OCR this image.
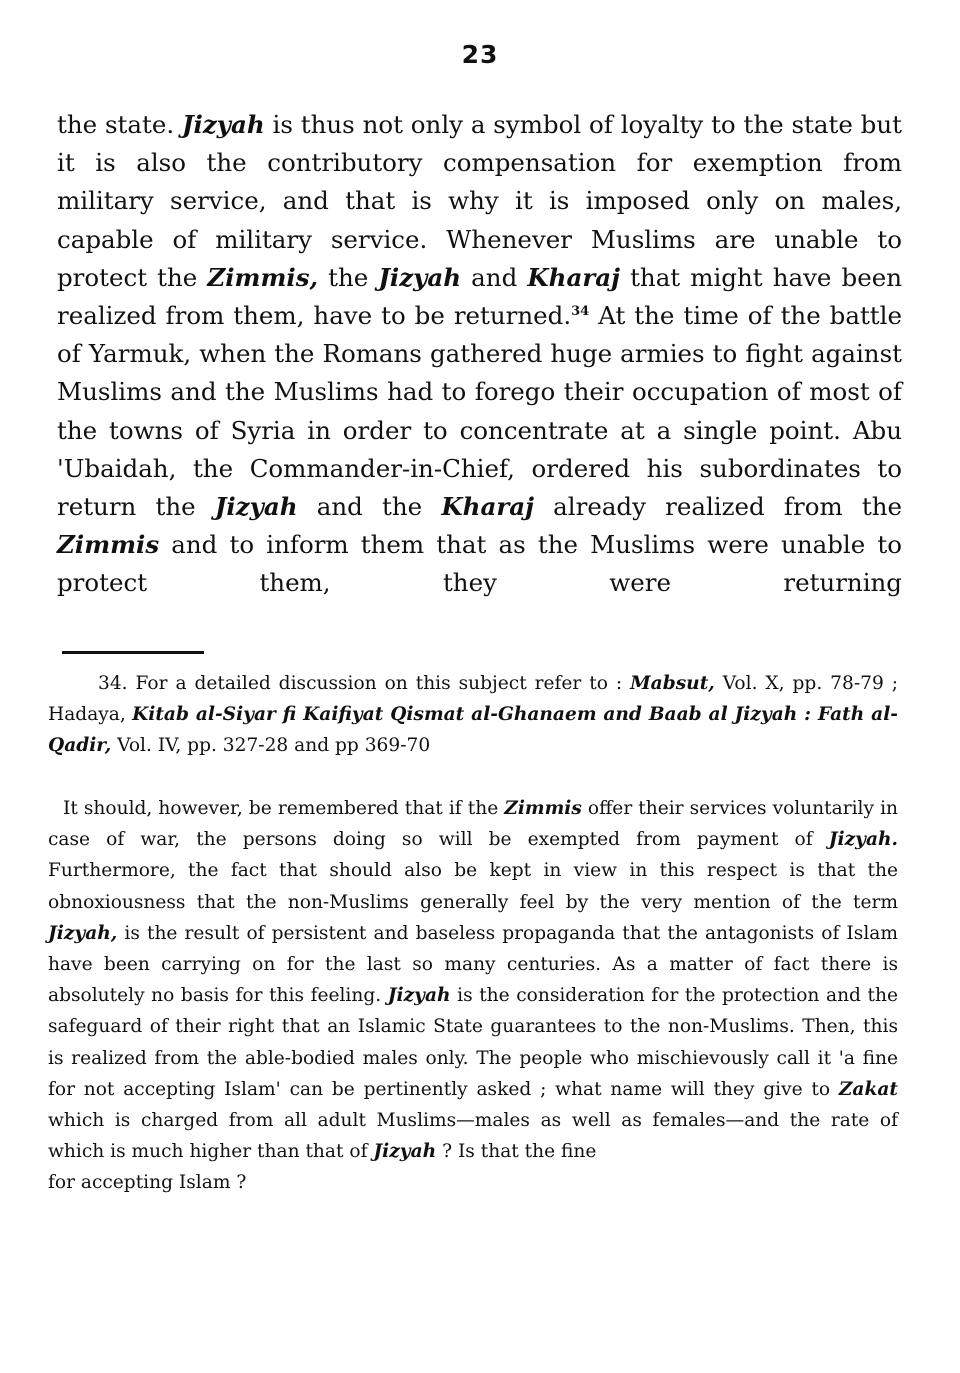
23

the state. Jizyah is thus not only a symbol of loyalty to the state but it is also the contributory compensation for exemption from military service, and that is why it is imposed only on males, capable of military service. Whenever Muslims are unable to protect the Zimmis, the Jizyah and Kharaj that might have been realized from them, have to be returned.$^{34}$ At the time of the battle of Yarmuk, when the Romans gathered huge armies to fight against Muslims and the Muslims had to forego their occupation of most of the towns of Syria in order to concentrate at a single point. Abu 'Ubaidah, the Commander-in-Chief, ordered his subordinates to return the Jizyah and the Kharaj already realized from the Zimmis and to inform them that as the Muslims were unable to protect them, they were returning

34. For a detailed discussion on this subject refer to : Mabsut, Vol. X, pp. 78-79 ; Hadaya, Kitab al-Siyar fi Kaifiyat Qismat al-Ghanaem and Baab al Jizyah : Fath al-Qadir, Vol. IV, pp. 327-28 and pp 369-70

It should, however, be remembered that if the Zimmis offer their services voluntarily in case of war, the persons doing so will be exempted from payment of Jizyah. Furthermore, the fact that should also be kept in view in this respect is that the obnoxiousness that the non-Muslims generally feel by the very mention of the term Jizyah, is the result of persistent and baseless propaganda that the antagonists of Islam have been carrying on for the last so many centuries. As a matter of fact there is absolutely no basis for this feeling. Jizyah is the consideration for the protection and the safeguard of their right that an Islamic State guarantees to the non-Muslims. Then, this is realized from the able-bodied males only. The people who mischievously call it 'a fine for not accepting Islam' can be pertinently asked ; what name will they give to Zakat which is charged from all adult Muslims—males as well as females—and the rate of which is much higher than that of Jizyah ? Is that the fine
for accepting Islam ?
